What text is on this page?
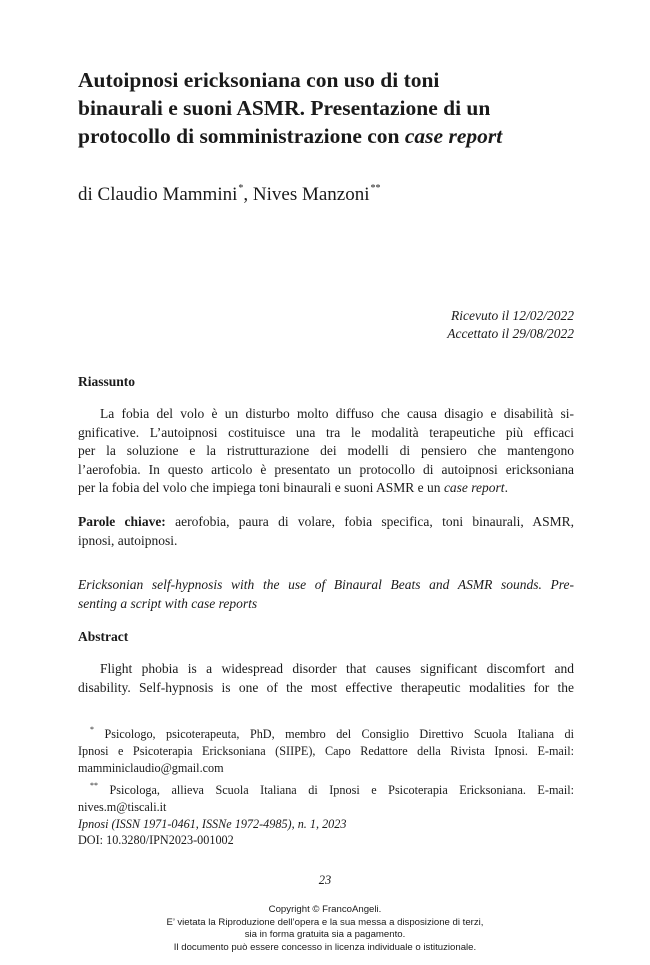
Autoipnosi ericksoniana con uso di toni
binaurali e suoni ASMR. Presentazione di un
protocollo di somministrazione con case report
di Claudio Mammini*, Nives Manzoni**
Ricevuto il 12/02/2022
Accettato il 29/08/2022
Riassunto
La fobia del volo è un disturbo molto diffuso che causa disagio e disabilità si-
gnificative. L’autoipnosi costituisce una tra le modalità terapeutiche più efficaci
per la soluzione e la ristrutturazione dei modelli di pensiero che mantengono
l’aerofobia. In questo articolo è presentato un protocollo di autoipnosi ericksoniana
per la fobia del volo che impiega toni binaurali e suoni ASMR e un case report.
Parole chiave: aerofobia, paura di volare, fobia specifica, toni binaurali, ASMR,
ipnosi, autoipnosi.
Ericksonian self-hypnosis with the use of Binaural Beats and ASMR sounds. Pre-
senting a script with case reports
Abstract
Flight phobia is a widespread disorder that causes significant discomfort and
disability. Self-hypnosis is one of the most effective therapeutic modalities for the
* Psicologo, psicoterapeuta, PhD, membro del Consiglio Direttivo Scuola Italiana di
Ipnosi e Psicoterapia Ericksoniana (SIIPE), Capo Redattore della Rivista Ipnosi. E-mail:
mamminiclaudio@gmail.com
** Psicologa, allieva Scuola Italiana di Ipnosi e Psicoterapia Ericksoniana. E-mail:
nives.m@tiscali.it
Ipnosi (ISSN 1971-0461, ISSNe 1972-4985), n. 1, 2023
DOI: 10.3280/IPN2023-001002
23
Copyright © FrancoAngeli.
E’ vietata la Riproduzione dell’opera e la sua messa a disposizione di terzi,
sia in forma gratuita sia a pagamento.
Il documento può essere concesso in licenza individuale o istituzionale.
